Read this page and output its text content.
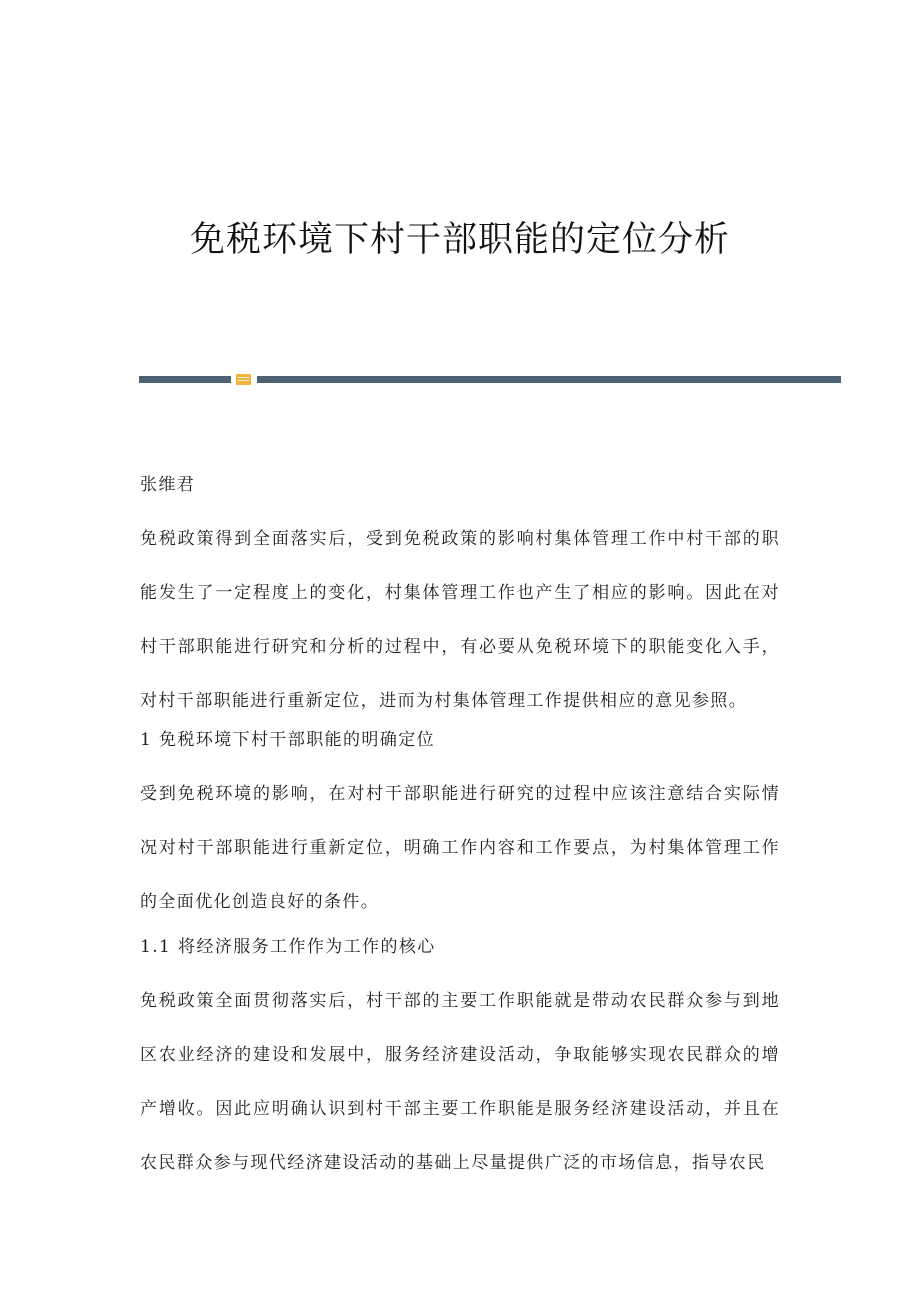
免税环境下村干部职能的定位分析
张维君

免税政策得到全面落实后，受到免税政策的影响村集体管理工作中村干部的职能发生了一定程度上的变化，村集体管理工作也产生了相应的影响。因此在对村干部职能进行研究和分析的过程中，有必要从免税环境下的职能变化入手，对村干部职能进行重新定位，进而为村集体管理工作提供相应的意见参照。

1 免税环境下村干部职能的明确定位

受到免税环境的影响，在对村干部职能进行研究的过程中应该注意结合实际情况对村干部职能进行重新定位，明确工作内容和工作要点，为村集体管理工作的全面优化创造良好的条件。

1.1 将经济服务工作作为工作的核心

免税政策全面贯彻落实后，村干部的主要工作职能就是带动农民群众参与到地区农业经济的建设和发展中，服务经济建设活动，争取能够实现农民群众的增产增收。因此应明确认识到村干部主要工作职能是服务经济建设活动，并且在农民群众参与现代经济建设活动的基础上尽量提供广泛的市场信息，指导农民
